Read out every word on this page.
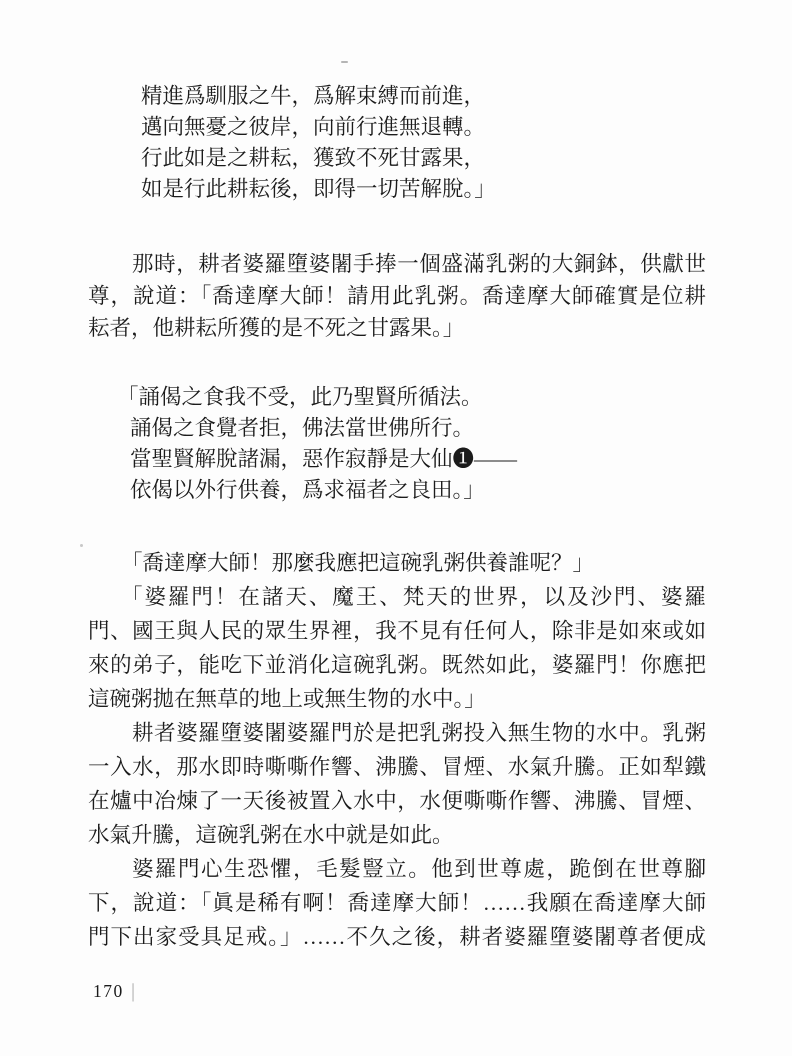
精進爲馴服之牛，爲解束縛而前進，
邁向無憂之彼岸，向前行進無退轉。
行此如是之耕耘，獲致不死甘露果，
如是行此耕耘後，即得一切苦解脫。」
那時，耕者婆羅墮婆闍手捧一個盛滿乳粥的大銅鉢，供獻世
尊，說道：「喬達摩大師！請用此乳粥。喬達摩大師確實是位耕
耘者，他耕耘所獲的是不死之甘露果。」
「誦偈之食我不受，此乃聖賢所循法。
誦偈之食覺者拒，佛法當世佛所行。
當聖賢解脫諸漏，惡作寂靜是大仙❶——
依偈以外行供養，爲求福者之良田。」
「喬達摩大師！那麼我應把這碗乳粥供養誰呢？」
「婆羅門！在諸天、魔王、梵天的世界，以及沙門、婆羅
門、國王與人民的眾生界裡，我不見有任何人，除非是如來或如
來的弟子，能吃下並消化這碗乳粥。既然如此，婆羅門！你應把
這碗粥拋在無草的地上或無生物的水中。」
耕者婆羅墮婆闍婆羅門於是把乳粥投入無生物的水中。乳粥
一入水，那水即時嘶嘶作響、沸騰、冒煙、水氣升騰。正如犁鐵
在爐中冶煉了一天後被置入水中，水便嘶嘶作響、沸騰、冒煙、
水氣升騰，這碗乳粥在水中就是如此。
婆羅門心生恐懼，毛髮豎立。他到世尊處，跪倒在世尊腳
下，說道：「眞是稀有啊！喬達摩大師！……我願在喬達摩大師
門下出家受具足戒。」……不久之後，耕者婆羅墮婆闍尊者便成
170 |
